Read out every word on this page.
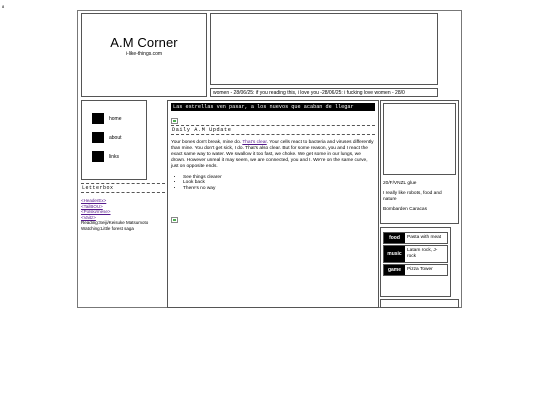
8
A.M Corner
i-like-things.com
women - 28/06/25: if you reading this, i love you -28/06/25: i fucking love women - 28/0
home
about
links
Letterbox
<HeaderEx>
<TailBOU>
<Polski/mese>
<Vaitz>
Reading:Seiji/Keisuke Matsumoto
Watching:Little forest saga
Las estrellas ven pasar, a los nuevos que acaban de llegar
Daily A.M Update

Your bones don't break, mine do. That's clear. Your cells react to bacteria and viruses differently than mine. You don't get sick, I do. That's also clear. But for some reason, you and I react the exact same way to water. We swallow it too fast, we choke. We get some in our lungs, we drown. However unreal it may seem, we are connected, you and I. We're on the same curve, just on opposite ends.

• See things clearer
• Look back
• There's no way
20/F/VNZL glue
I really like robots, food and nature
Bombarden Caracas
food	Pasta with meat
music
Latam rock, J-rock
game	Pizza Tower
